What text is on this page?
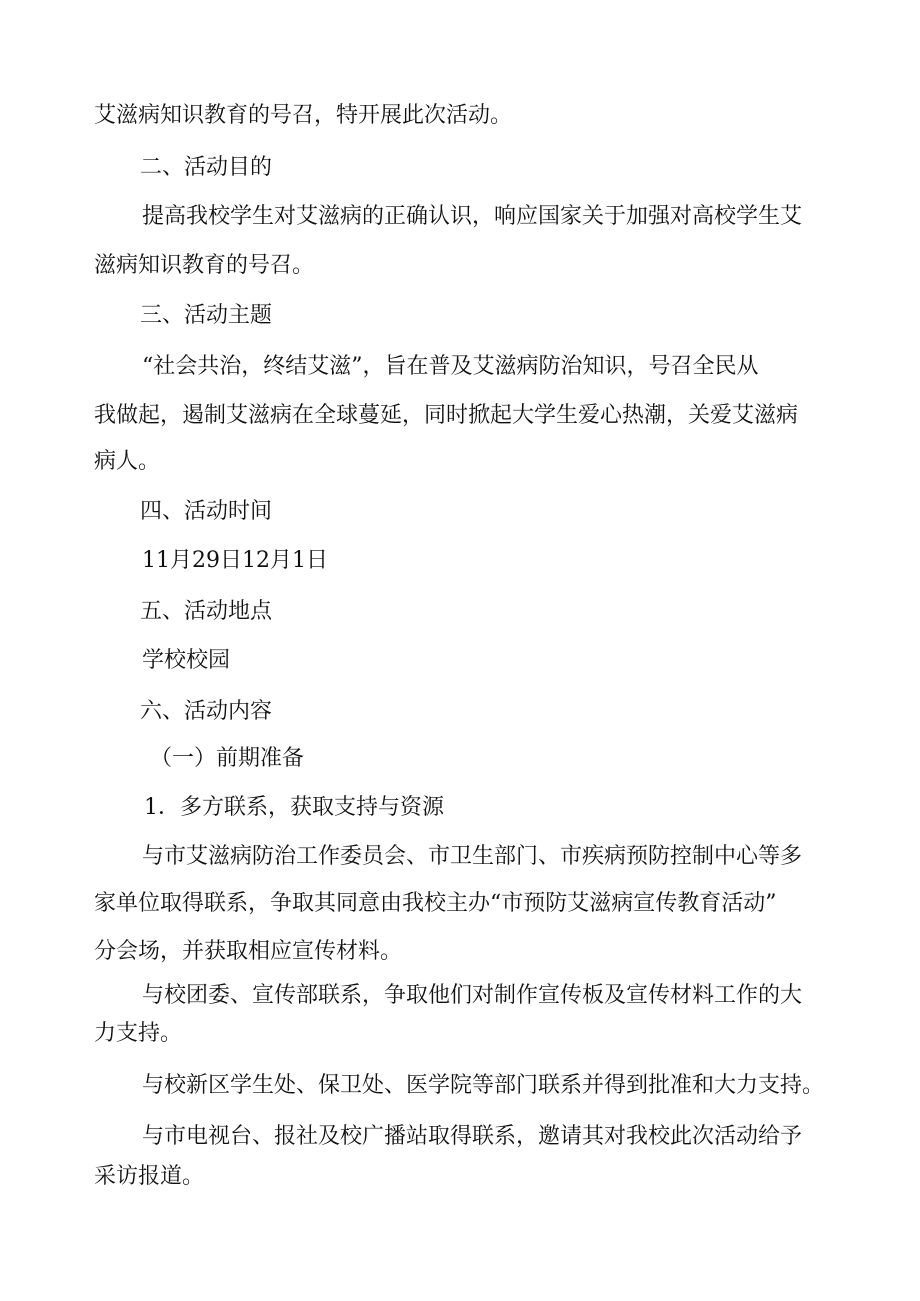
艾滋病知识教育的号召，特开展此次活动。
二、活动目的
提高我校学生对艾滋病的正确认识，响应国家关于加强对高校学生艾
滋病知识教育的号召。
三、活动主题
“社会共治，终结艾滋”，旨在普及艾滋病防治知识，号召全民从
我做起，遏制艾滋病在全球蔓延，同时掀起大学生爱心热潮，关爱艾滋病
病人。
四、活动时间
11月29日12月1日
五、活动地点
学校校园
六、活动内容
（一）前期准备
1．多方联系，获取支持与资源
与市艾滋病防治工作委员会、市卫生部门、市疾病预防控制中心等多
家单位取得联系，争取其同意由我校主办“市预防艾滋病宣传教育活动”
分会场，并获取相应宣传材料。
与校团委、宣传部联系，争取他们对制作宣传板及宣传材料工作的大
力支持。
与校新区学生处、保卫处、医学院等部门联系并得到批准和大力支持。
与市电视台、报社及校广播站取得联系，邀请其对我校此次活动给予
采访报道。
